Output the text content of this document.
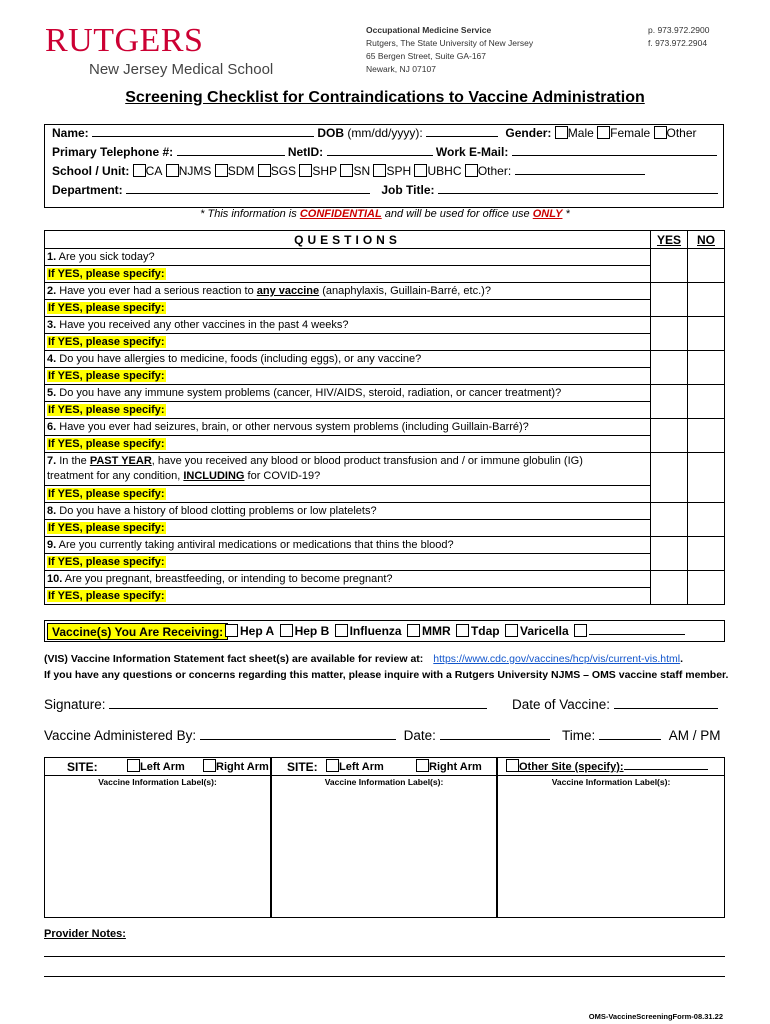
RUTGERS
New Jersey Medical School
Occupational Medicine Service
Rutgers, The State University of New Jersey
65 Bergen Street, Suite GA-167
Newark, NJ 07107
p. 973.972.2900
f. 973.972.2904
Screening Checklist for Contraindications to Vaccine Administration
Name:	DOB (mm/dd/yyyy):	Gender: Male Female Other
Primary Telephone #:	NetID:	Work E-Mail:
School / Unit: CA NJMS SDM SGS SHP SN SPH UBHC Other:
Department:	Job Title:
* This information is CONFIDENTIAL and will be used for office use ONLY *
QUESTIONS	YES	NO
1. Are you sick today?		
If YES, please specify:		
2. Have you ever had a serious reaction to any vaccine (anaphylaxis, Guillain-Barré, etc.)?		
If YES, please specify:		
3. Have you received any other vaccines in the past 4 weeks?		
If YES, please specify:		
4. Do you have allergies to medicine, foods (including eggs), or any vaccine?		
If YES, please specify:		
5. Do you have any immune system problems (cancer, HIV/AIDS, steroid, radiation, or cancer treatment)?		
If YES, please specify:		
6. Have you ever had seizures, brain, or other nervous system problems (including Guillain-Barré)?		
If YES, please specify:		
7. In the PAST YEAR, have you received any blood or blood product transfusion and / or immune globulin (IG)
treatment for any condition, INCLUDING for COVID-19?		
If YES, please specify:		
8. Do you have a history of blood clotting problems or low platelets?		
If YES, please specify:		
9. Are you currently taking antiviral medications or medications that thins the blood?		
If YES, please specify:		
10. Are you pregnant, breastfeeding, or intending to become pregnant?		
If YES, please specify:		
Vaccine(s) You Are Receiving:	Hep A Hep B Influenza MMR Tdap Varicella
(VIS) Vaccine Information Statement fact sheet(s) are available for review at: https://www.cdc.gov/vaccines/hcp/vis/current-vis.html.
If you have any questions or concerns regarding this matter, please inquire with a Rutgers University NJMS – OMS vaccine staff member.
Signature:	Date of Vaccine:
Vaccine Administered By:	Date:	Time:	AM / PM
SITE:	Left Arm	Right Arm
Vaccine Information Label(s):
SITE:	Left Arm	Right Arm
Vaccine Information Label(s):
Other Site (specify):
Vaccine Information Label(s):
Provider Notes:
OMS-VaccineScreeningForm-08.31.22
